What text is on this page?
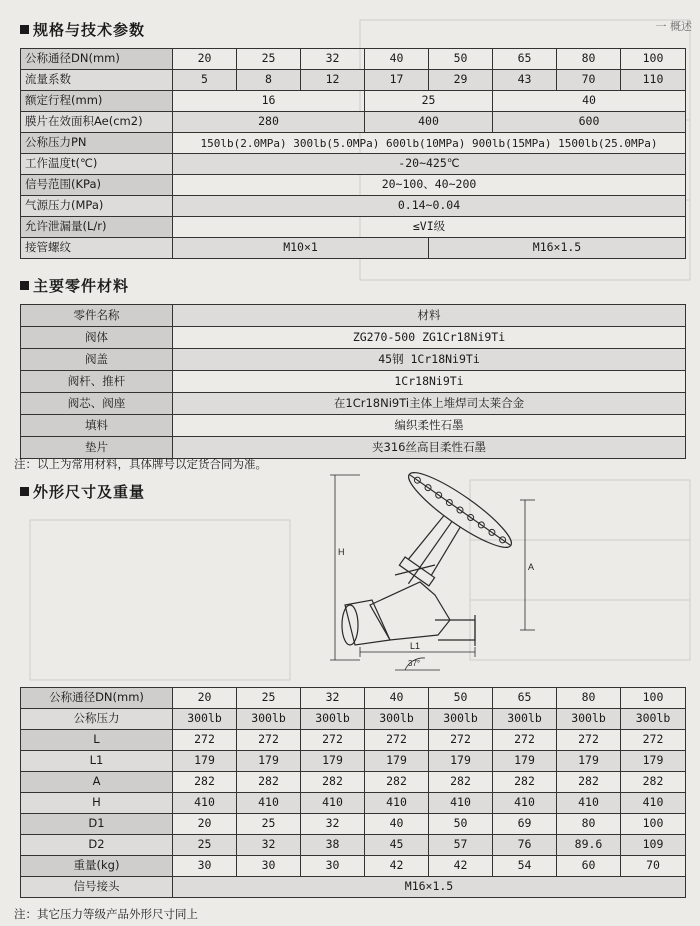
一 概述
规格与技术参数
公称通径DN(mm)	20	25	32	40	50	65	80	100
流量系数	5	8	12	17	29	43	70	110
额定行程(mm)	16			25		40		
膜片在效面积Ae(cm2)	280			400		600		
公称压力PN	150lb(2.0MPa) 300lb(5.0MPa) 600lb(10MPa) 900lb(15MPa) 1500lb(25.0MPa)							
工作温度t(℃)	-20~425℃							
信号范围(KPa)	20~100、40~200							
气源压力(MPa)	0.14~0.04							
允许泄漏量(L/r)	≤VI级							
接管螺纹	M10×1				M16×1.5			
主要零件材料
零件名称	材料
阀体	ZG270-500 ZG1Cr18Ni9Ti
阀盖	45钢 1Cr18Ni9Ti
阀杆、推杆	1Cr18Ni9Ti
阀芯、阀座	在1Cr18Ni9Ti主体上堆焊司太莱合金
填料	编织柔性石墨
垫片	夹316丝高目柔性石墨
注：以上为常用材料，具体牌号以定货合同为准。
外形尺寸及重量
H
A
L1
37°
公称通径DN(mm)	20	25	32	40	50	65	80	100
公称压力	300lb	300lb	300lb	300lb	300lb	300lb	300lb	300lb
L	272	272	272	272	272	272	272	272
L1	179	179	179	179	179	179	179	179
A	282	282	282	282	282	282	282	282
H	410	410	410	410	410	410	410	410
D1	20	25	32	40	50	69	80	100
D2	25	32	38	45	57	76	89.6	109
重量(kg)	30	30	30	42	42	54	60	70
信号接头	M16×1.5							
注：其它压力等级产品外形尺寸同上
